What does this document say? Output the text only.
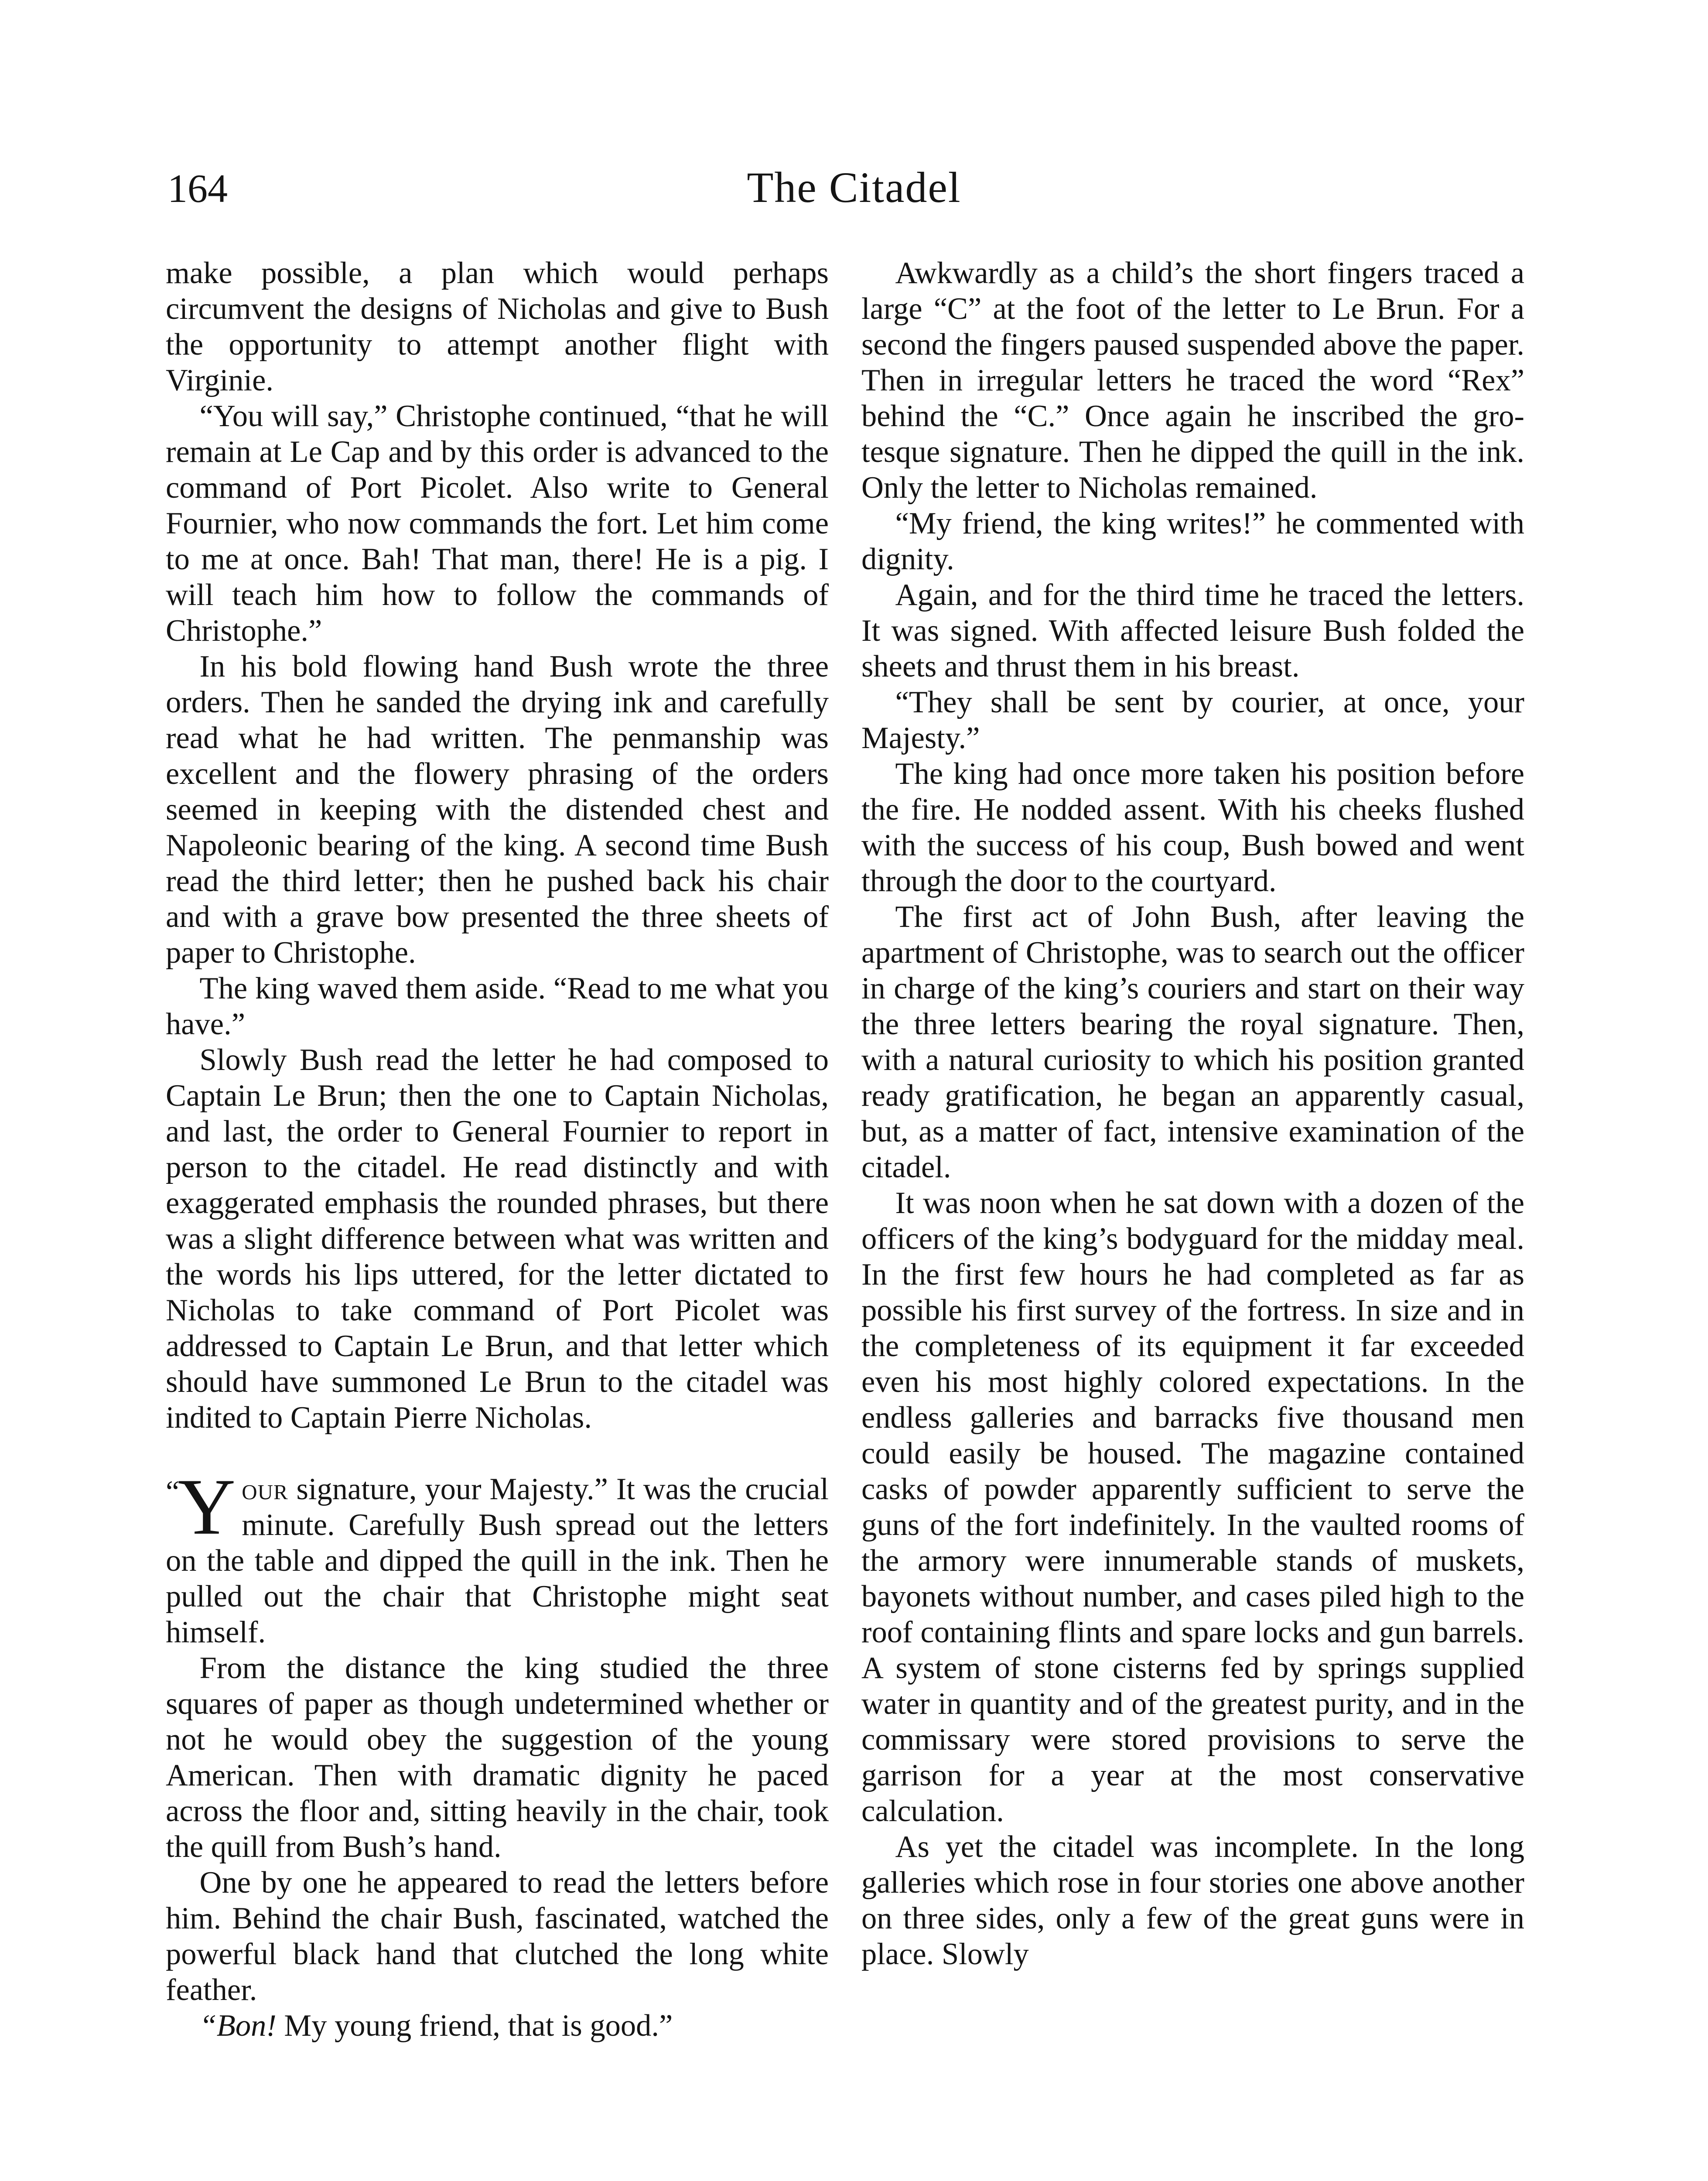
164	The Citadel

make possible, a plan which would perhaps circumvent the designs of Nicholas and give to Bush the opportunity to attempt another flight with Virginie.

“You will say,” Christophe continued, “that he will remain at Le Cap and by this order is advanced to the command of Port Picolet. Also write to General Fournier, who now commands the fort. Let him come to me at once. Bah! That man, there! He is a pig. I will teach him how to follow the commands of Christophe.”

In his bold flowing hand Bush wrote the three orders. Then he sanded the drying ink and carefully read what he had written. The penmanship was excellent and the flowery phrasing of the orders seemed in keeping with the distended chest and Napoleonic bearing of the king. A second time Bush read the third letter; then he pushed back his chair and with a grave bow presented the three sheets of paper to Christophe.

The king waved them aside. “Read to me what you have.”

Slowly Bush read the letter he had composed to Captain Le Brun; then the one to Captain Nicholas, and last, the order to General Fournier to report in person to the citadel. He read distinctly and with exaggerated emphasis the rounded phrases, but there was a slight difference between what was written and the words his lips uttered, for the letter dictated to Nicholas to take command of Port Picolet was addressed to Captain Le Brun, and that letter which should have summoned Le Brun to the citadel was indited to Captain Pierre Nicholas.

“Y our signature, your Majesty.” It was the crucial minute. Carefully Bush spread out the letters on the table and dipped the quill in the ink. Then he pulled out the chair that Christophe might seat himself.

From the distance the king studied the three squares of paper as though undetermined whether or not he would obey the suggestion of the young American. Then with dramatic dignity he paced across the floor and, sitting heavily in the chair, took the quill from Bush’s hand.

One by one he appeared to read the letters before him. Behind the chair Bush, fascinated, watched the powerful black hand that clutched the long white feather.

“Bon! My young friend, that is good.”

Awkwardly as a child’s the short fingers traced a large “C” at the foot of the letter to Le Brun. For a second the fingers paused suspended above the paper. Then in irregular letters he traced the word “Rex” behind the “C.” Once again he inscribed the grotesque signature. Then he dipped the quill in the ink. Only the letter to Nicholas remained.

“My friend, the king writes!” he commented with dignity.

Again, and for the third time he traced the letters. It was signed. With affected leisure Bush folded the sheets and thrust them in his breast.

“They shall be sent by courier, at once, your Majesty.”

The king had once more taken his position before the fire. He nodded assent. With his cheeks flushed with the success of his coup, Bush bowed and went through the door to the courtyard.

The first act of John Bush, after leaving the apartment of Christophe, was to search out the officer in charge of the king’s couriers and start on their way the three letters bearing the royal signature. Then, with a natural curiosity to which his position granted ready gratification, he began an apparently casual, but, as a matter of fact, intensive examination of the citadel.

It was noon when he sat down with a dozen of the officers of the king’s bodyguard for the midday meal. In the first few hours he had completed as far as possible his first survey of the fortress. In size and in the completeness of its equipment it far exceeded even his most highly colored expectations. In the endless galleries and barracks five thousand men could easily be housed. The magazine contained casks of powder apparently sufficient to serve the guns of the fort indefinitely. In the vaulted rooms of the armory were innumerable stands of muskets, bayonets without number, and cases piled high to the roof containing flints and spare locks and gun barrels. A system of stone cisterns fed by springs supplied water in quantity and of the greatest purity, and in the commissary were stored provisions to serve the garrison for a year at the most conservative calculation.

As yet the citadel was incomplete. In the long galleries which rose in four stories one above another on three sides, only a few of the great guns were in place. Slowly
